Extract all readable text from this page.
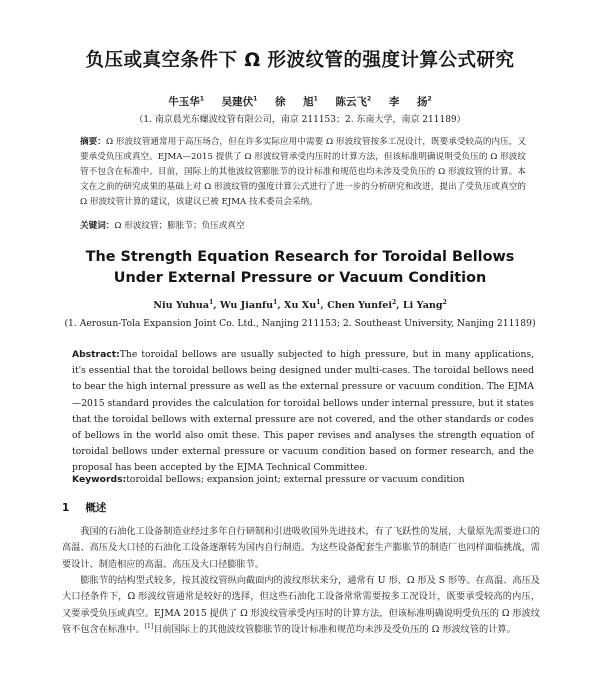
负压或真空条件下 Ω 形波纹管的强度计算公式研究
牛玉华$^1$ 吴建伏$^1$ 徐 旭$^1$ 陈云飞$^2$ 李 扬$^2$
（1. 南京晨光东螺波纹管有限公司，南京 211153；2. 东南大学，南京 211189）
摘要：Ω 形波纹管通常用于高压场合，但在许多实际应用中需要 Ω 形波纹管按多工况设计，既要承受较高的内压，又要承受负压或真空。EJMA—2015 提供了 Ω 形波纹管承受内压时的计算方法，但该标准明确说明受负压的 Ω 形波纹管不包含在标准中。目前，国际上的其他波纹管膨胀节的设计标准和规范也均未涉及受负压的 Ω 形波纹管的计算。本文在之前的研究成果的基础上对 Ω 形波纹管的强度计算公式进行了进一步的分析研究和改进，提出了受负压或真空的 Ω 形波纹管计算的建议，该建议已被 EJMA 技术委员会采纳。
关键词：Ω 形波纹管；膨胀节；负压或真空
The Strength Equation Research for Toroidal Bellows
Under External Pressure or Vacuum Condition
Niu Yuhua$^1$, Wu Jianfu$^1$, Xu Xu$^1$, Chen Yunfei$^2$, Li Yang$^2$
(1. Aerosun-Tola Expansion Joint Co. Ltd., Nanjing 211153; 2. Southeast University, Nanjing 211189)
Abstract:The toroidal bellows are usually subjected to high pressure, but in many applications, it's essential that the toroidal bellows being designed under multi-cases. The toroidal bellows need to bear the high internal pressure as well as the external pressure or vacuum condition. The EJMA—2015 standard provides the calculation for toroidal bellows under internal pressure, but it states that the toroidal bellows with external pressure are not covered, and the other standards or codes of bellows in the world also omit these. This paper revises and analyses the strength equation of toroidal bellows under external pressure or vacuum condition based on former research, and the proposal has been accepted by the EJMA Technical Committee.
Keywords:toroidal bellows; expansion joint; external pressure or vacuum condition
1 概述

我国的石油化工设备制造业经过多年自行研制和引进吸收国外先进技术，有了飞跃性的发展，大量原先需要进口的高温、高压及大口径的石油化工设备逐渐转为国内自行制造。为这些设备配套生产膨胀节的制造厂也同样面临挑战，需要设计、制造相应的高温、高压及大口径膨胀节。

膨胀节的结构型式较多，按其波纹管纵向截面内的波纹形状来分，通常有 U 形、Ω 形及 S 形等。在高温、高压及大口径条件下，Ω 形波纹管通常是较好的选择，但这些石油化工设备常常需要按多工况设计，既要承受较高的内压，又要承受负压或真空。EJMA 2015 提供了 Ω 形波纹管承受内压时的计算方法，但该标准明确说明受负压的 Ω 形波纹管不包含在标准中。[1]目前国际上的其他波纹管膨胀节的设计标准和规范均未涉及受负压的 Ω 形波纹管的计算。
